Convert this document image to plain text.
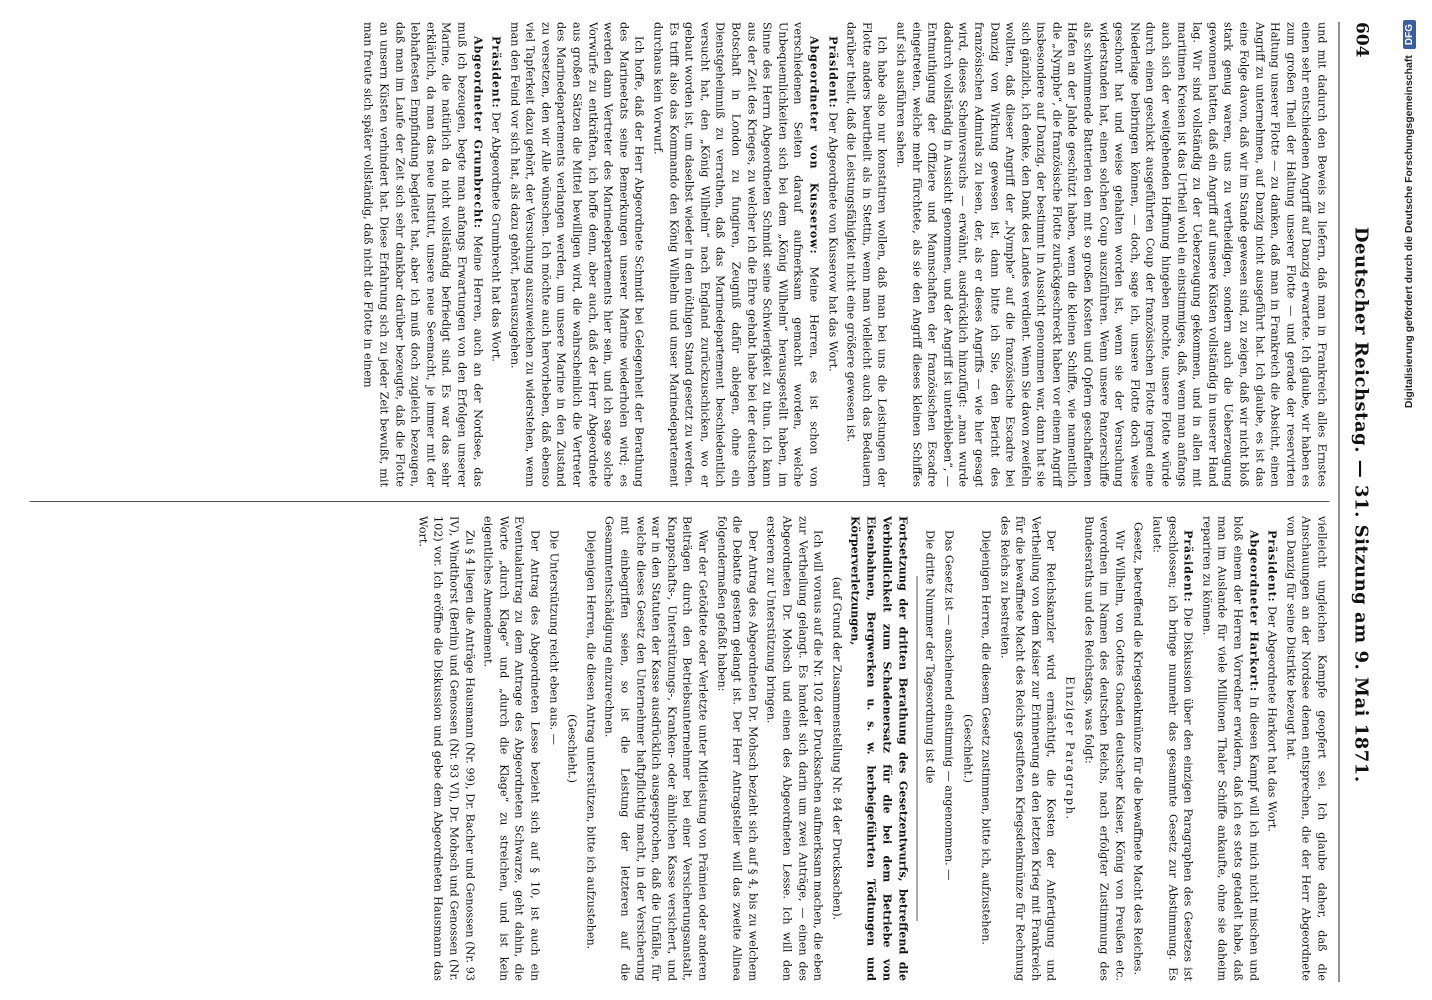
Digitalisierung gefördert durch die Deutsche Forschungsgemeinschaft
DFG
604
Deutscher Reichstag. — 31. Sitzung am 9. Mai 1871.

und mit dadurch den Beweis zu liefern, daß man in Frankreich alles Ernstes einen sehr entschiedenen Angriff auf Danzig erwartete. Ich glaube, wir haben es zum großen Theil der Haltung unserer Flotte — und gerade der reservirten Haltung unserer Flotte — zu danken, daß man in Frankreich die Absicht, einen Angriff zu unternehmen, auf Danzig nicht ausgeführt hat. Ich glaube, es ist das eine Folge davon, daß wir im Stande gewesen sind, zu zeigen, daß wir nicht bloß stark genug waren, uns zu vertheidigen, sondern auch die Ueberzeugung gewonnen hatten, daß ein Angriff auf unsere Küsten vollständig in unserer Hand lag. Wir sind vollständig zu der Ueberzeugung gekommen, und in allen mit maritimen Kreisen ist das Urtheil wohl ein einstimmiges, daß, wenn man anfangs auch sich der weitgehenden Hoffnung hingeben mochte, unsere Flotte würde durch einen geschickt ausgeführten Coup der französischen Flotte irgend eine Niederlage beibringen können, — doch, sage ich, unsere Flotte doch weise geschont hat und weise gehalten worden ist, wenn sie der Versuchung widerstanden hat, einen solchen Coup auszuführen. Wenn unsere Panzerschiffe als schwimmende Batterien den mit so großen Kosten und Opfern geschaffenen Hafen an der Jahde geschützt haben, wenn die kleinen Schiffe, wie namentlich die „Nymphe“, die französische Flotte zurückgeschreckt haben vor einem Angriff insbesondere auf Danzig, der bestimmt in Aussicht genommen war, dann hat sie sich gänzlich, ich denke, den Dank des Landes verdient. Wenn Sie davon zweifeln wollten, daß dieser Angriff der „Nymphe“ auf die französische Escadre bei Danzig von Wirkung gewesen ist, dann bitte ich Sie, den Bericht des französischen Admirals zu lesen, der, als er dieses Angriffs — wie hier gesagt wird, dieses Scheinversuchs — erwähnt, ausdrücklich hinzufügt: „man wurde dadurch vollständig in Aussicht genommen, und der Angriff ist unterblieben“, — Entmuthigung der Offiziere und Mannschaften der französischen Escadre eingetreten, welche mehr fürchtete, als sie den Angriff dieses kleinen Schiffes auf sich ausführen sahen.

Ich habe also nur konstatiren wollen, daß man bei uns die Leistungen der Flotte anders beurtheilt als in Stettin, wenn man vielleicht auch das Bedauern darüber theilt, daß die Leistungsfähigkeit nicht eine größere gewesen ist.

Präsident: Der Abgeordnete von Kusserow hat das Wort.

Abgeordneter von Kusserow: Meine Herren, es ist schon von verschiedenen Seiten darauf aufmerksam gemacht worden, welche Unbequemlichkeiten sich bei dem „König Wilhelm“ herausgestellt haben, im Sinne des Herrn Abgeordneten Schmidt seine Schwierigkeit zu thun. Ich kann aus der Zeit des Krieges, zu welcher ich die Ehre gehabt habe bei der deutschen Botschaft in London zu fungiren, Zeugniß dafür ablegen, ohne ein Dienstgeheimniß zu verrathen, daß das Marinedepartement beschiedentlich versucht hat, den „König Wilhelm“ nach England zurückzuschicken, wo er gebaut worden ist, um daselbst wieder in den nöthigen Stand gesetzt zu werden. Es trifft also das Kommando den König Wilhelm und unser Marinedepartement durchaus kein Vorwurf.

Ich hoffe, daß der Herr Abgeordnete Schmidt bei Gelegenheit der Berathung des Marineetats seine Bemerkungen unserer Marine wiederholen wird; es werden dann Vertreter des Marinedepartements hier sein, und ich sage solche Vorwürfe zu entkräften, ich hoffe denn, aber auch, daß der Herr Abgeordnete aus großen Sätzen die Mittel bewilligen wird, die wahrscheinlich die Vertreter des Marinedepartements verlangen werden, um unsere Marine in den Zustand zu versetzen, den wir Alle wünschen. Ich möchte auch hervorheben, daß ebenso viel Tapferkeit dazu gehört, der Versuchung auszuweichen zu widerstehen, wenn man den Feind vor sich hat, als dazu gehört, herauszugehen.

Präsident: Der Abgeordnete Grumbrecht hat das Wort.

Abgeordneter Grumbrecht: Meine Herren, auch an der Nordsee, das muß ich bezeugen, begte man anfangs Erwartungen von den Erfolgen unserer Marine, die natürlich da nicht vollständig befriedigt sind. Es war das sehr erklärlich, da man das neue Institut, unsere neue Seemacht, je immer mit der lebhaftesten Empfindung begleitet hat, aber ich muß doch zugleich bezeugen, daß man im Laufe der Zeit sich sehr dankbar darüber bezeugte, daß die Flotte an unsern Küsten verhindert hat. Diese Erfahrung sich zu jeder Zeit bewußt, mit man freute sich später vollständig, daß nicht die Flotte in einem

vielleicht ungleichen Kampfe geopfert sei. Ich glaube daher, daß die Anschauungen an der Nordsee denen entsprechen, die der Herr Abgeordnete von Danzig für seine Distrikte bezeugt hat.

Präsident: Der Abgeordnete Harkort hat das Wort.

Abgeordneter Harkort: In diesen Kampf will ich mich nicht mischen und bloß einem der Herren Vorredner erwidern, daß ich es stets getadelt habe, daß man im Auslande für viele Millionen Thaler Schiffe ankaufte, ohne sie daheim repariren zu können.

Präsident: Die Diskussion über den einzigen Paragraphen des Gesetzes ist geschlossen; ich bringe nunmehr das gesammte Gesetz zur Abstimmung. Es lautet:

Gesetz, betreffend die Kriegsdenkmünze für die bewaffnete Macht des Reiches.

Wir Wilhelm, von Gottes Gnaden deutscher Kaiser, König von Preußen etc. verordnen im Namen des deutschen Reichs, nach erfolgter Zustimmung des Bundesraths und des Reichstags, was folgt:

Einziger Paragraph.

Der Reichskanzler wird ermächtigt, die Kosten der Anfertigung und Vertheilung von dem Kaiser zur Erinnerung an den letzten Krieg mit Frankreich für die bewaffnete Macht des Reichs gestifteten Kriegsdenkmünze für Rechnung des Reichs zu bestreiten.

Diejenigen Herren, die diesem Gesetz zustimmen, bitte ich, aufzustehen.

(Geschieht.)

Das Gesetz ist — anscheinend einstimmig — angenommen. —

Die dritte Nummer der Tagesordnung ist die

Fortsetzung der dritten Berathung des Gesetzentwurfs, betreffend die Verbindlichkeit zum Schadenersatz für die bei dem Betriebe von Eisenbahnen, Bergwerken u. s. w. herbeigeführten Tödtungen und Körperverletzungen,

(auf Grund der Zusammenstellung Nr. 84 der Drucksachen).

Ich will voraus auf die Nr. 102 der Drucksachen aufmerksam machen, die eben zur Vertheilung gelangt. Es handelt sich darin um zwei Anträge, — einen des Abgeordneten Dr. Mohsch und einen des Abgeordneten Lesse. Ich will den ersteren zur Unterstützung bringen.

Der Antrag des Abgeordneten Dr. Mohsch bezieht sich auf § 4, bis zu welchem die Debatte gestern gelangt ist. Der Herr Antragsteller will das zweite Alinea folgendermaßen gefaßt haben:

War der Getödtete oder Verletzte unter Mitleistung von Prämien oder anderen Beiträgen durch den Betriebsunternehmer bei einer Versicherungsanstalt, Knappschafts-, Unterstützungs-, Kranken- oder ähnlichen Kasse versichert, und war in den Statuten der Kasse ausdrücklich ausgesprochen, daß die Unfälle, für welche dieses Gesetz den Unternehmer haftpflichtig macht, in der Versicherung mit einbegriffen seien, so ist die Leistung der letzteren auf die Gesammtentschädigung einzurechnen.

Diejenigen Herren, die diesen Antrag unterstützen, bitte ich aufzustehen.

(Geschieht.)

Die Unterstützung reicht eben aus. —

Der Antrag des Abgeordneten Lesse bezieht sich auf § 10, ist auch ein Eventualantrag zu dem Antrage des Abgeordneten Schwarze, geht dahin, die Worte „durch Klage“ und „durch die Klage“ zu streichen, und ist kein eigentliches Amendement.

Zu § 4 liegen die Anträge Hausmann (Nr. 99), Dr. Bacher und Genossen (Nr. 93 IV), Windthorst (Berlin) und Genossen (Nr. 93 VI), Dr. Mohsch und Genossen (Nr. 102) vor. Ich eröffne die Diskussion und gebe dem Abgeordneten Hausmann das Wort.
